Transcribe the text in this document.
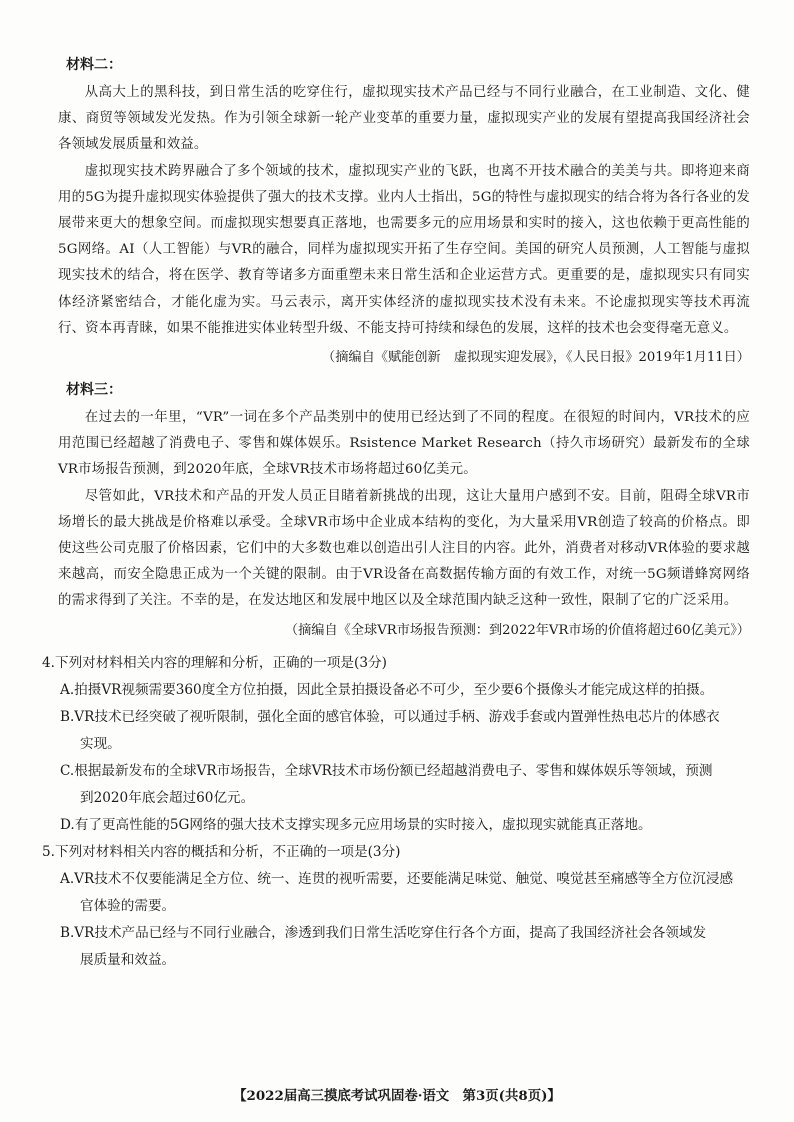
材料二：

从高大上的黑科技，到日常生活的吃穿住行，虚拟现实技术产品已经与不同行业融合，在工业制造、文化、健康、商贸等领域发光发热。作为引领全球新一轮产业变革的重要力量，虚拟现实产业的发展有望提高我国经济社会各领域发展质量和效益。

虚拟现实技术跨界融合了多个领域的技术，虚拟现实产业的飞跃，也离不开技术融合的美美与共。即将迎来商用的5G为提升虚拟现实体验提供了强大的技术支撑。业内人士指出，5G的特性与虚拟现实的结合将为各行各业的发展带来更大的想象空间。而虚拟现实想要真正落地，也需要多元的应用场景和实时的接入，这也依赖于更高性能的5G网络。AI（人工智能）与VR的融合，同样为虚拟现实开拓了生存空间。美国的研究人员预测，人工智能与虚拟现实技术的结合，将在医学、教育等诸多方面重塑未来日常生活和企业运营方式。更重要的是，虚拟现实只有同实体经济紧密结合，才能化虚为实。马云表示，离开实体经济的虚拟现实技术没有未来。不论虚拟现实等技术再流行、资本再青睐，如果不能推进实体业转型升级、不能支持可持续和绿色的发展，这样的技术也会变得毫无意义。

（摘编自《赋能创新　虚拟现实迎发展》，《人民日报》2019年1月11日）
材料三：

在过去的一年里，“VR”一词在多个产品类别中的使用已经达到了不同的程度。在很短的时间内，VR技术的应用范围已经超越了消费电子、零售和媒体娱乐。Rsistence Market Research（持久市场研究）最新发布的全球VR市场报告预测，到2020年底，全球VR技术市场将超过60亿美元。

尽管如此，VR技术和产品的开发人员正目睹着新挑战的出现，这让大量用户感到不安。目前，阻碍全球VR市场增长的最大挑战是价格难以承受。全球VR市场中企业成本结构的变化，为大量采用VR创造了较高的价格点。即使这些公司克服了价格因素，它们中的大多数也难以创造出引人注目的内容。此外，消费者对移动VR体验的要求越来越高，而安全隐患正成为一个关键的限制。由于VR设备在高数据传输方面的有效工作，对统一5G频谱蜂窝网络的需求得到了关注。不幸的是，在发达地区和发展中地区以及全球范围内缺乏这种一致性，限制了它的广泛采用。

（摘编自《全球VR市场报告预测：到2022年VR市场的价值将超过60亿美元》）
4.下列对材料相关内容的理解和分析，正确的一项是(3分)
A.拍摄VR视频需要360度全方位拍摄，因此全景拍摄设备必不可少，至少要6个摄像头才能完成这样的拍摄。
B.VR技术已经突破了视听限制，强化全面的感官体验，可以通过手柄、游戏手套或内置弹性热电芯片的体感衣
实现。
C.根据最新发布的全球VR市场报告，全球VR技术市场份额已经超越消费电子、零售和媒体娱乐等领域，预测
到2020年底会超过60亿元。
D.有了更高性能的5G网络的强大技术支撑实现多元应用场景的实时接入，虚拟现实就能真正落地。
5.下列对材料相关内容的概括和分析，不正确的一项是(3分)
A.VR技术不仅要能满足全方位、统一、连贯的视听需要，还要能满足味觉、触觉、嗅觉甚至痛感等全方位沉浸感
官体验的需要。
B.VR技术产品已经与不同行业融合，渗透到我们日常生活吃穿住行各个方面，提高了我国经济社会各领域发
展质量和效益。
【2022届高三摸底考试巩固卷·语文　第3页(共8页)】
